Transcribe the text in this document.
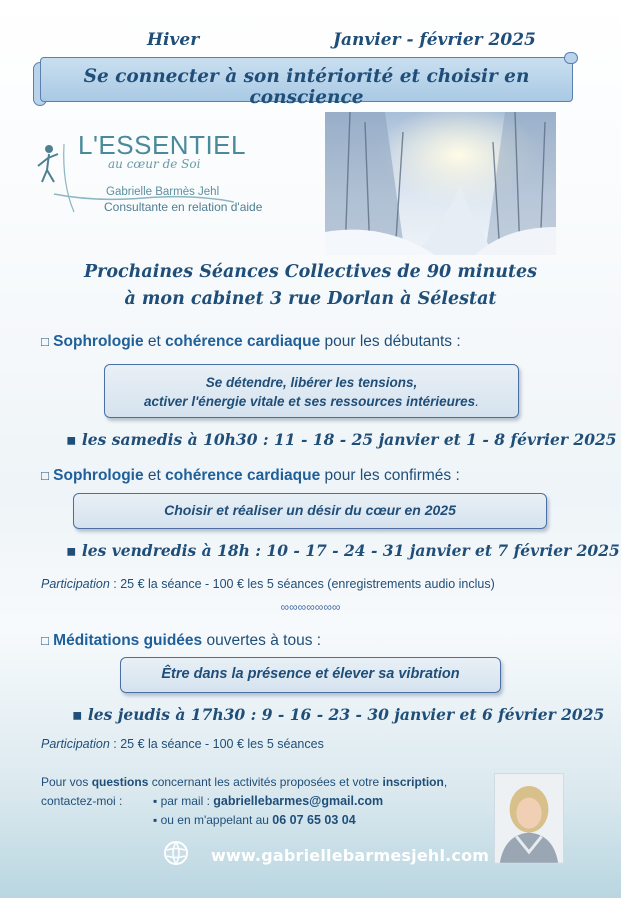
Hiver	Janvier - février 2025
Se connecter à son intériorité et choisir en conscience
L'ESSENTIEL
au cœur de Soi
Gabrielle Barmès Jehl
Consultante en relation d'aide
Prochaines Séances Collectives de 90 minutes
à mon cabinet 3 rue Dorlan à Sélestat
□ Sophrologie et cohérence cardiaque pour les débutants :
Se détendre, libérer les tensions,
activer l'énergie vitale et ses ressources intérieures.
▪ les samedis à 10h30 : 11 - 18 - 25 janvier et 1 - 8 février 2025
□ Sophrologie et cohérence cardiaque pour les confirmés :
Choisir et réaliser un désir du cœur en 2025
▪ les vendredis à 18h : 10 - 17 - 24 - 31 janvier et 7 février 2025
Participation : 25 € la séance - 100 € les 5 séances (enregistrements audio inclus)
∞∞∞∞∞∞∞
□ Méditations guidées ouvertes à tous :
Être dans la présence et élever sa vibration
▪ les jeudis à 17h30 : 9 - 16 - 23 - 30 janvier et 6 février 2025
Participation : 25 € la séance - 100 € les 5 séances
Pour vos questions concernant les activités proposées et votre inscription,
contactez-moi :	▪ par mail : gabriellebarmes@gmail.com
▪ ou en m'appelant au 06 07 65 03 04
www.gabriellebarmesjehl.com
